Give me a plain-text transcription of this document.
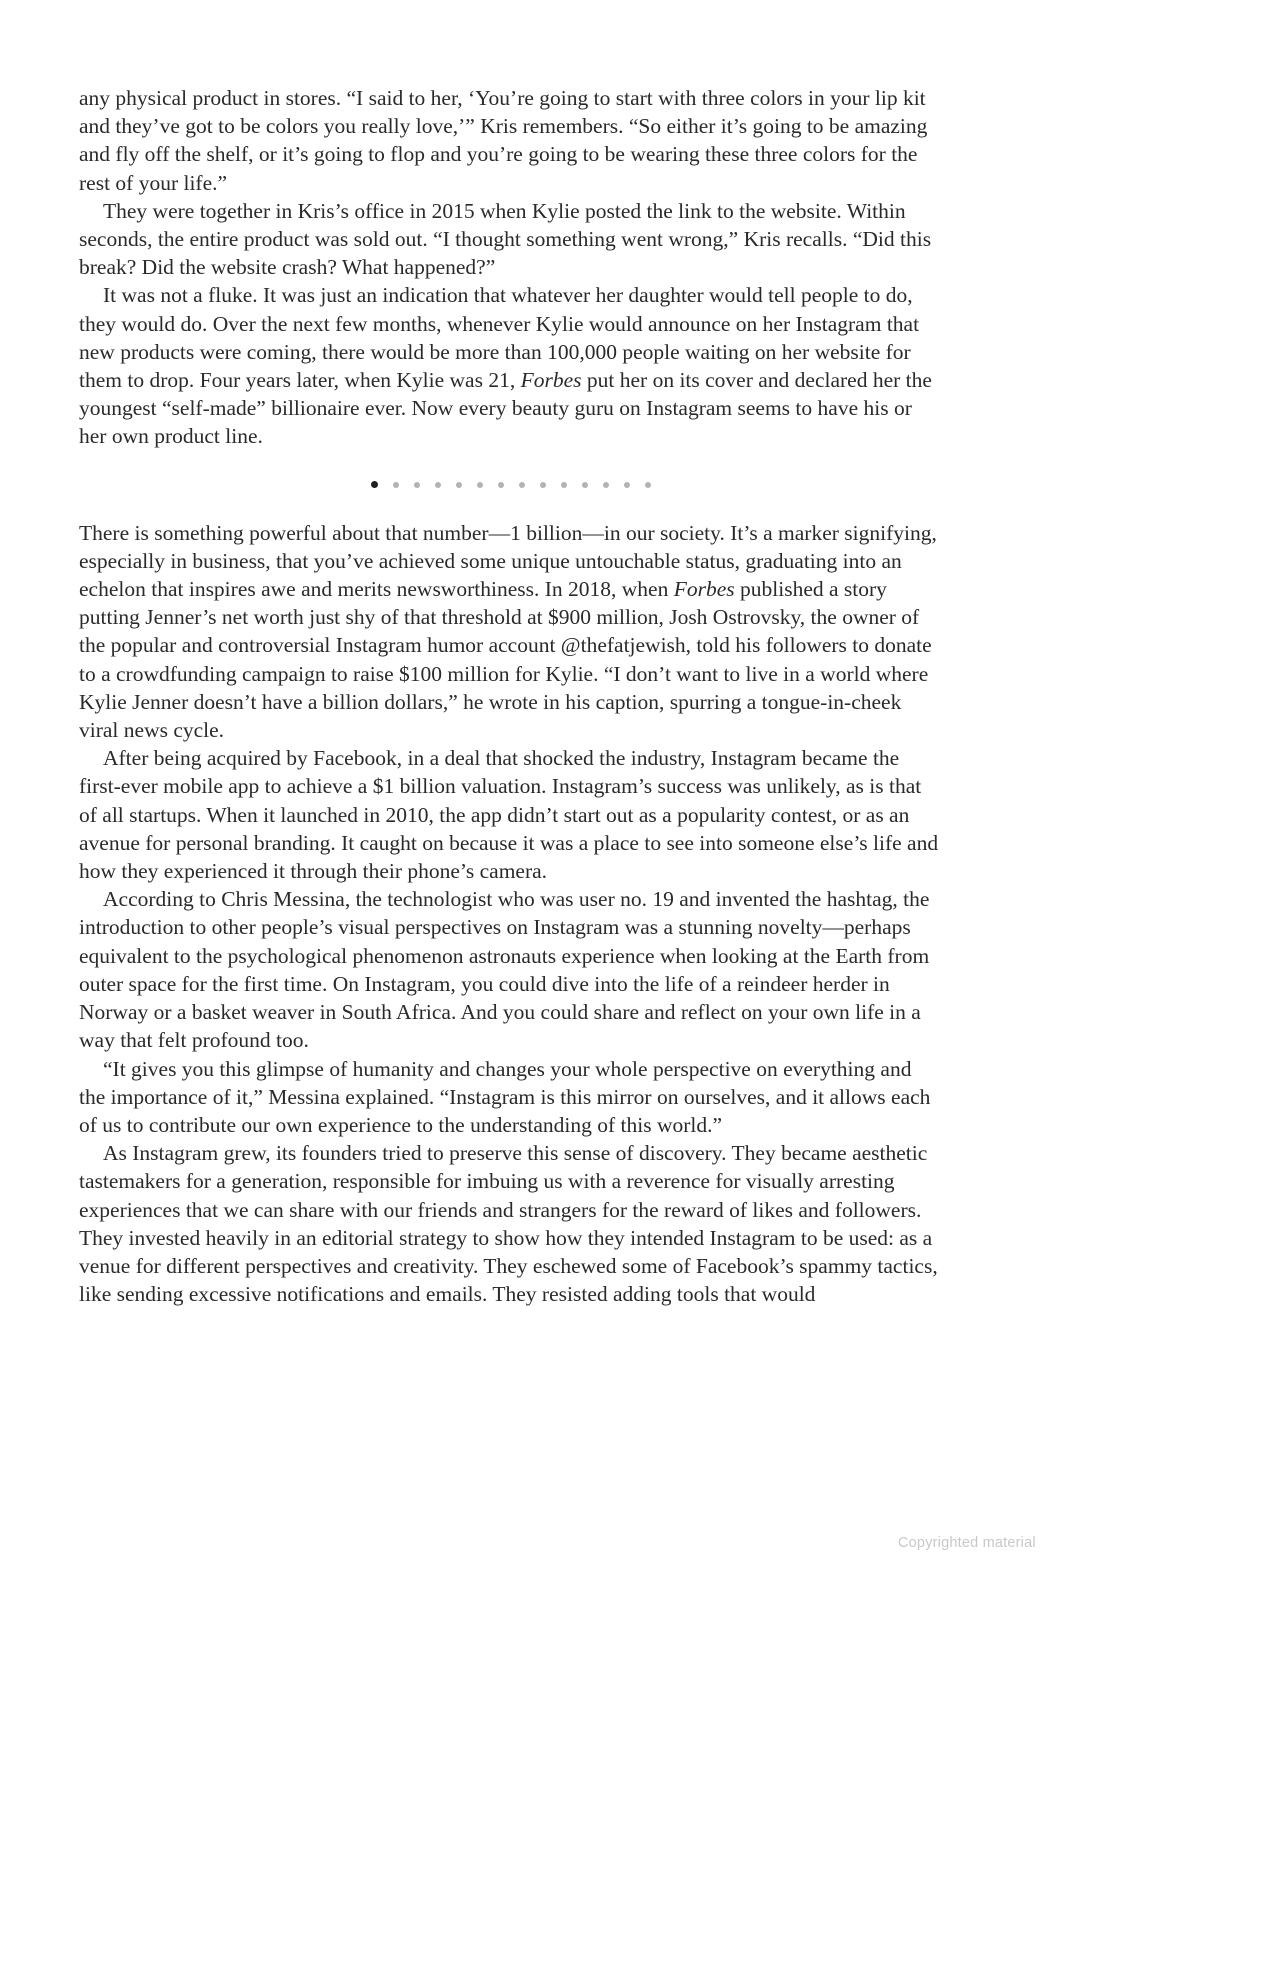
any physical product in stores. “I said to her, ‘You’re going to start with three colors in your lip kit and they’ve got to be colors you really love,’” Kris remembers. “So either it’s going to be amazing and fly off the shelf, or it’s going to flop and you’re going to be wearing these three colors for the rest of your life.”

They were together in Kris’s office in 2015 when Kylie posted the link to the website. Within seconds, the entire product was sold out. “I thought something went wrong,” Kris recalls. “Did this break? Did the website crash? What happened?”

It was not a fluke. It was just an indication that whatever her daughter would tell people to do, they would do. Over the next few months, whenever Kylie would announce on her Instagram that new products were coming, there would be more than 100,000 people waiting on her website for them to drop. Four years later, when Kylie was 21, Forbes put her on its cover and declared her the youngest “self-made” billionaire ever. Now every beauty guru on Instagram seems to have his or her own product line.

There is something powerful about that number—1 billion—in our society. It’s a marker signifying, especially in business, that you’ve achieved some unique untouchable status, graduating into an echelon that inspires awe and merits newsworthiness. In 2018, when Forbes published a story putting Jenner’s net worth just shy of that threshold at $900 million, Josh Ostrovsky, the owner of the popular and controversial Instagram humor account @thefatjewish, told his followers to donate to a crowdfunding campaign to raise $100 million for Kylie. “I don’t want to live in a world where Kylie Jenner doesn’t have a billion dollars,” he wrote in his caption, spurring a tongue-in-cheek viral news cycle.

After being acquired by Facebook, in a deal that shocked the industry, Instagram became the first-ever mobile app to achieve a $1 billion valuation. Instagram’s success was unlikely, as is that of all startups. When it launched in 2010, the app didn’t start out as a popularity contest, or as an avenue for personal branding. It caught on because it was a place to see into someone else’s life and how they experienced it through their phone’s camera.

According to Chris Messina, the technologist who was user no. 19 and invented the hashtag, the introduction to other people’s visual perspectives on Instagram was a stunning novelty—perhaps equivalent to the psychological phenomenon astronauts experience when looking at the Earth from outer space for the first time. On Instagram, you could dive into the life of a reindeer herder in Norway or a basket weaver in South Africa. And you could share and reflect on your own life in a way that felt profound too.

“It gives you this glimpse of humanity and changes your whole perspective on everything and the importance of it,” Messina explained. “Instagram is this mirror on ourselves, and it allows each of us to contribute our own experience to the understanding of this world.”

As Instagram grew, its founders tried to preserve this sense of discovery. They became aesthetic tastemakers for a generation, responsible for imbuing us with a reverence for visually arresting experiences that we can share with our friends and strangers for the reward of likes and followers. They invested heavily in an editorial strategy to show how they intended Instagram to be used: as a venue for different perspectives and creativity. They eschewed some of Facebook’s spammy tactics, like sending excessive notifications and emails. They resisted adding tools that would

Copyrighted material
